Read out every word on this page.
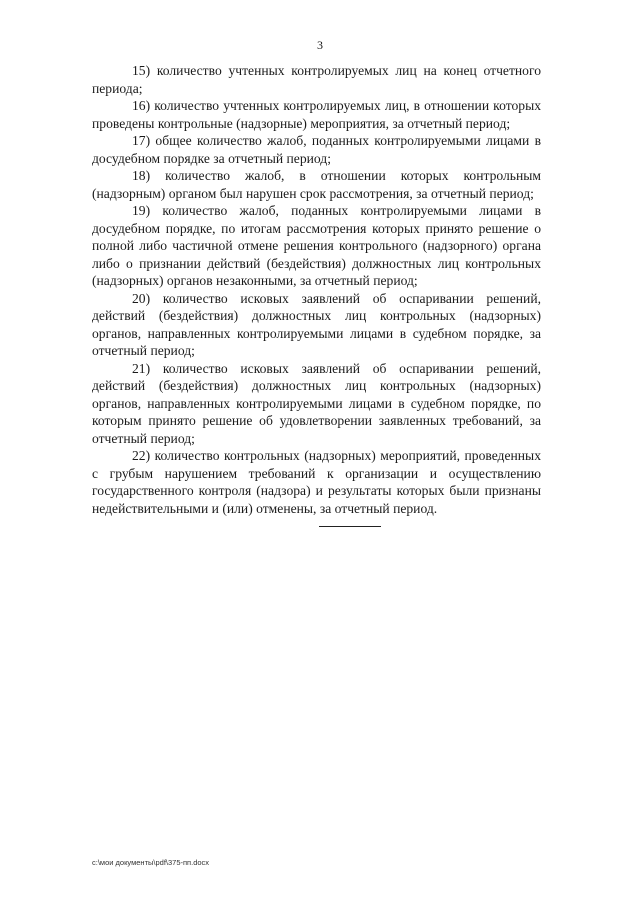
3

15) количество учтенных контролируемых лиц на конец отчетного периода;

16) количество учтенных контролируемых лиц, в отношении которых проведены контрольные (надзорные) мероприятия, за отчетный период;

17) общее количество жалоб, поданных контролируемыми лицами в досудебном порядке за отчетный период;

18) количество жалоб, в отношении которых контрольным (надзорным) органом был нарушен срок рассмотрения, за отчетный период;

19) количество жалоб, поданных контролируемыми лицами в досудебном порядке, по итогам рассмотрения которых принято решение о полной либо частичной отмене решения контрольного (надзорного) органа либо о признании действий (бездействия) должностных лиц контрольных (надзорных) органов незаконными, за отчетный период;

20) количество исковых заявлений об оспаривании решений, действий (бездействия) должностных лиц контрольных (надзорных) органов, направленных контролируемыми лицами в судебном порядке, за отчетный период;

21) количество исковых заявлений об оспаривании решений, действий (бездействия) должностных лиц контрольных (надзорных) органов, направленных контролируемыми лицами в судебном порядке, по которым принято решение об удовлетворении заявленных требований, за отчетный период;

22) количество контрольных (надзорных) мероприятий, проведенных с грубым нарушением требований к организации и осуществлению государственного контроля (надзора) и результаты которых были признаны недействительными и (или) отменены, за отчетный период.

c:\мои документы\pdf\375-пп.docx
